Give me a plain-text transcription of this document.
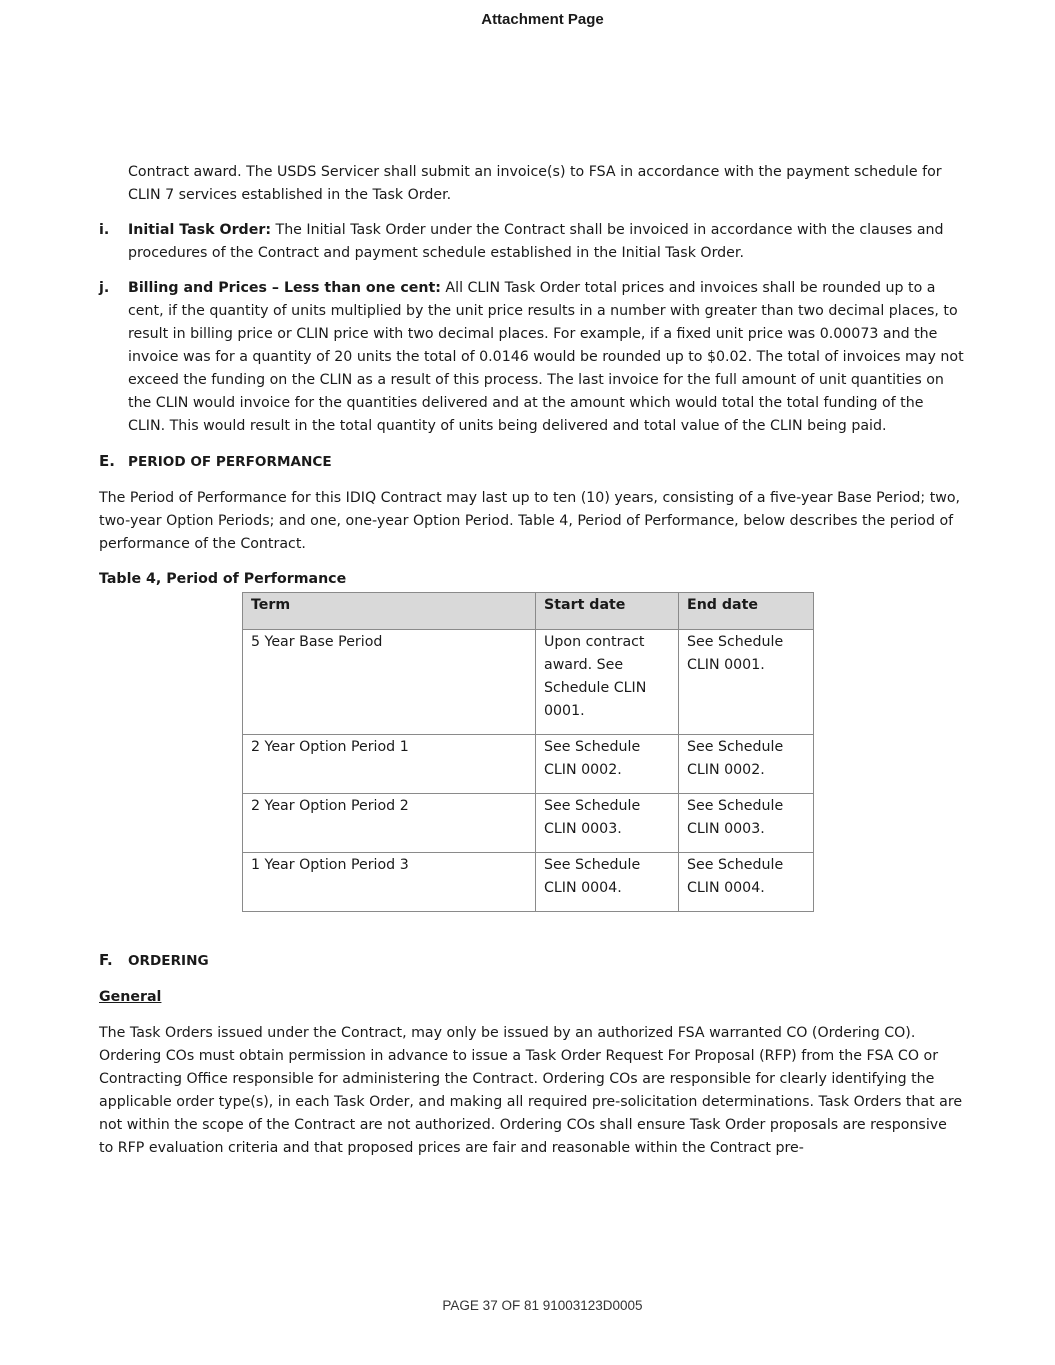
Attachment Page

Contract award. The USDS Servicer shall submit an invoice(s) to FSA in accordance with the payment schedule for CLIN 7 services established in the Task Order.

i. Initial Task Order: The Initial Task Order under the Contract shall be invoiced in accordance with the clauses and procedures of the Contract and payment schedule established in the Initial Task Order.
j. Billing and Prices – Less than one cent: All CLIN Task Order total prices and invoices shall be rounded up to a cent, if the quantity of units multiplied by the unit price results in a number with greater than two decimal places, to result in billing price or CLIN price with two decimal places. For example, if a fixed unit price was 0.00073 and the invoice was for a quantity of 20 units the total of 0.0146 would be rounded up to $0.02. The total of invoices may not exceed the funding on the CLIN as a result of this process. The last invoice for the full amount of unit quantities on the CLIN would invoice for the quantities delivered and at the amount which would total the total funding of the CLIN. This would result in the total quantity of units being delivered and total value of the CLIN being paid.
E. PERIOD OF PERFORMANCE

The Period of Performance for this IDIQ Contract may last up to ten (10) years, consisting of a five-year Base Period; two, two-year Option Periods; and one, one-year Option Period. Table 4, Period of Performance, below describes the period of performance of the Contract.

Table 4, Period of Performance

Term	Start date	End date
5 Year Base Period	Upon contract award. See Schedule CLIN 0001.	See Schedule CLIN 0001.
2 Year Option Period 1	See Schedule CLIN 0002.	See Schedule CLIN 0002.
2 Year Option Period 2	See Schedule CLIN 0003.	See Schedule CLIN 0003.
1 Year Option Period 3	See Schedule CLIN 0004.	See Schedule CLIN 0004.
F. ORDERING
General

The Task Orders issued under the Contract, may only be issued by an authorized FSA warranted CO (Ordering CO). Ordering COs must obtain permission in advance to issue a Task Order Request For Proposal (RFP) from the FSA CO or Contracting Office responsible for administering the Contract. Ordering COs are responsible for clearly identifying the applicable order type(s), in each Task Order, and making all required pre-solicitation determinations. Task Orders that are not within the scope of the Contract are not authorized. Ordering COs shall ensure Task Order proposals are responsive to RFP evaluation criteria and that proposed prices are fair and reasonable within the Contract pre-

PAGE 37 OF 81 91003123D0005
